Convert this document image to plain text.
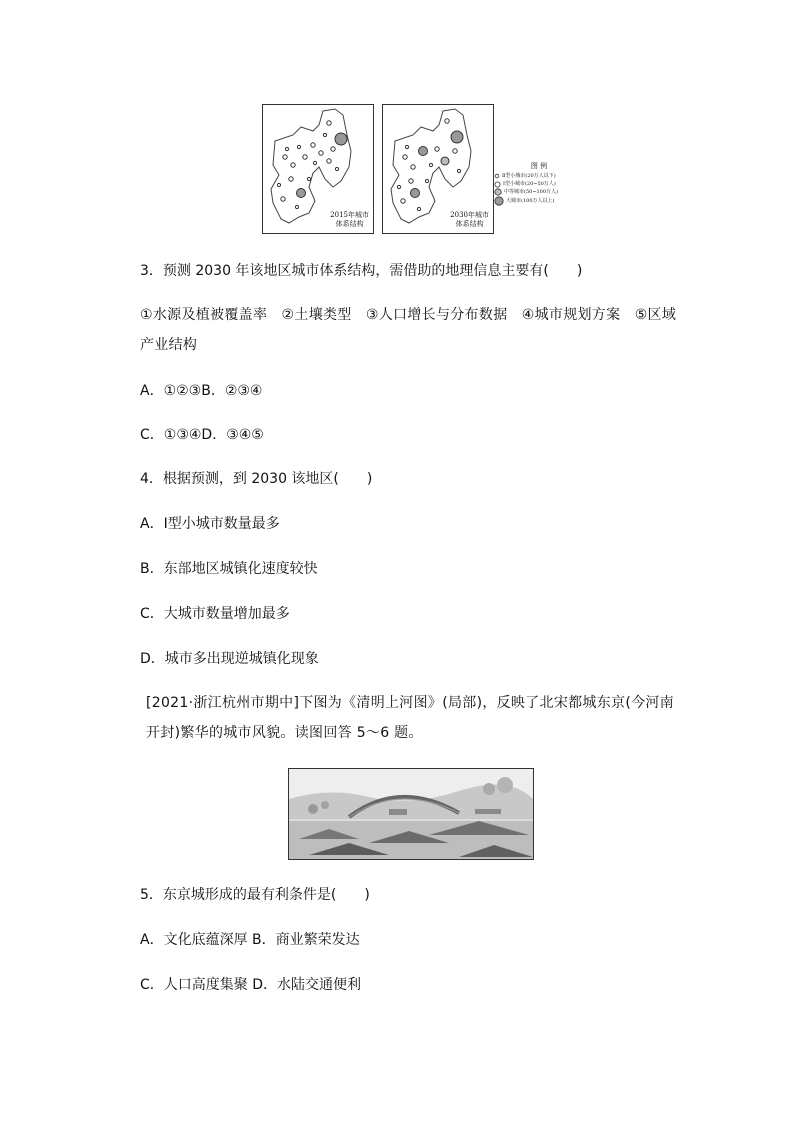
2015年城市
体系结构
2030年城市
体系结构
图 例
Ⅱ型小城市(20万人以下)
Ⅰ型小城市(20~50万人)
中等城市(50~100万人)
大城市(100万人以上)
3．预测 2030 年该地区城市体系结构，需借助的地理信息主要有(　　)
①水源及植被覆盖率　②土壤类型　③人口增长与分布数据　④城市规划方案　⑤区域产业结构
A．①②③B．②③④
C．①③④D．③④⑤
4．根据预测，到 2030 该地区(　　)
A．Ⅰ型小城市数量最多
B．东部地区城镇化速度较快
C．大城市数量增加最多
D．城市多出现逆城镇化现象
[2021·浙江杭州市期中]下图为《清明上河图》(局部)，反映了北宋都城东京(今河南开封)繁华的城市风貌。读图回答 5～6 题。
5．东京城形成的最有利条件是(　　)
A．文化底蕴深厚 B．商业繁荣发达
C．人口高度集聚 D．水陆交通便利
